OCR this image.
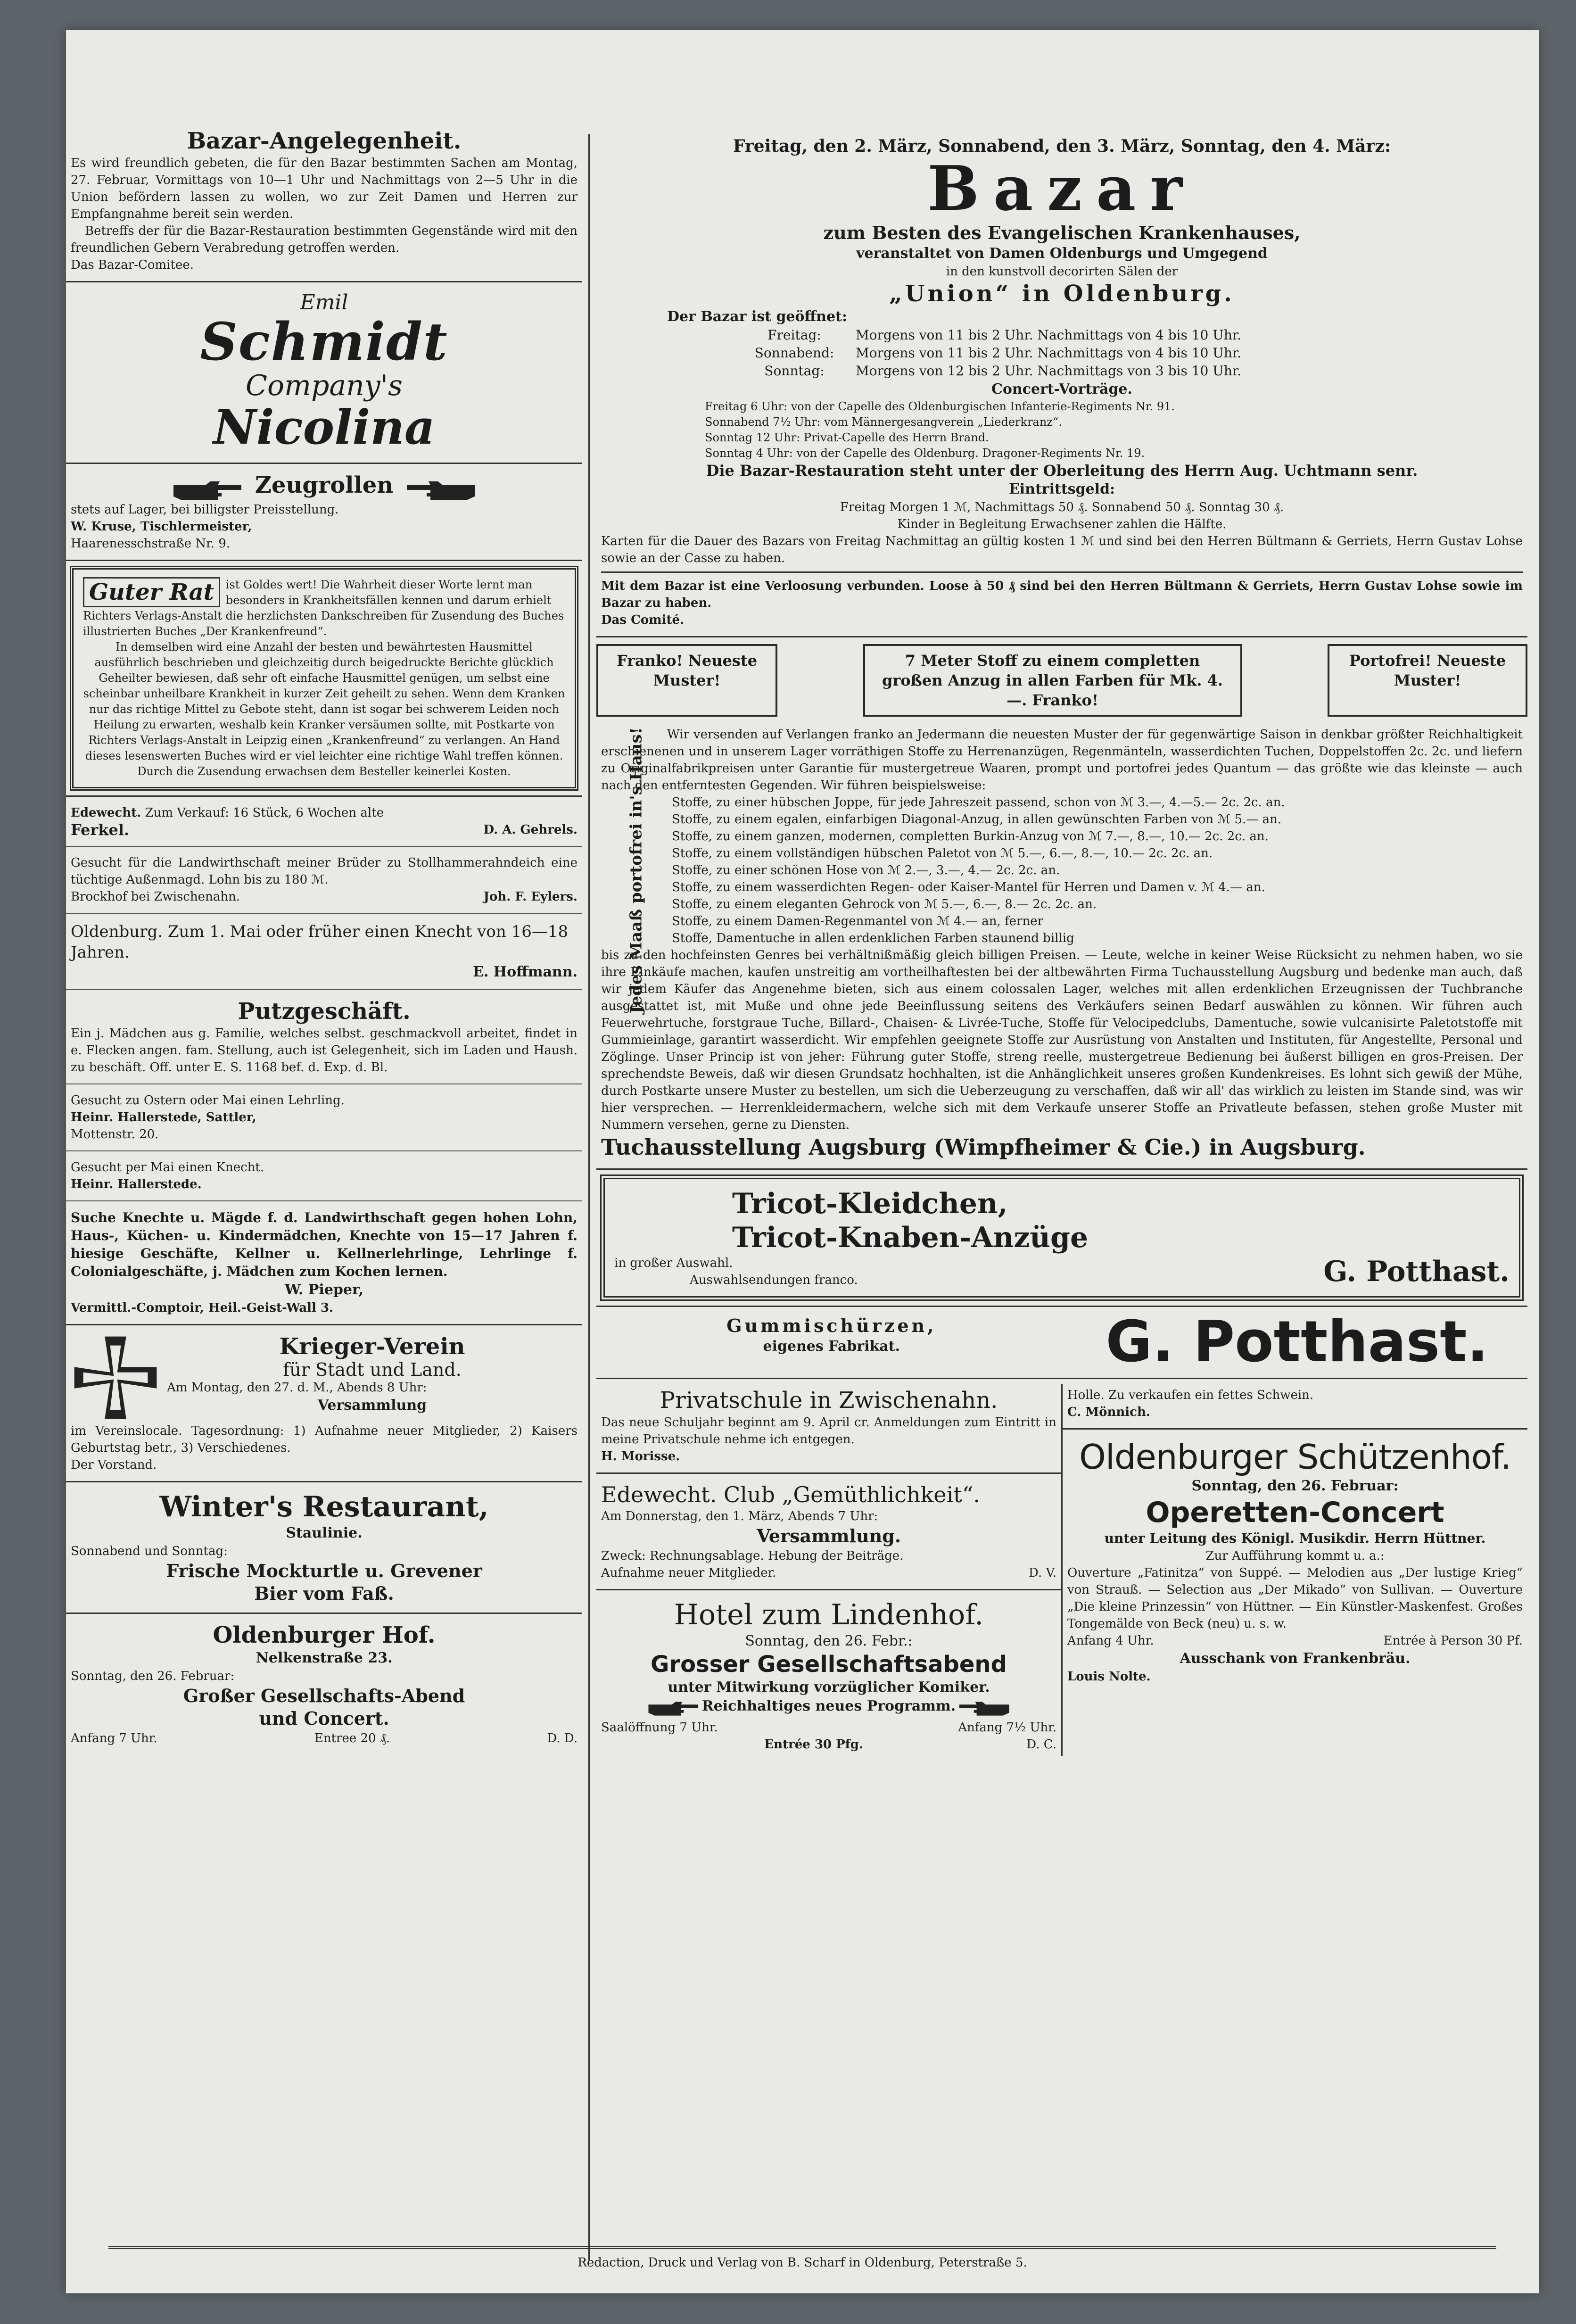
Bazar-Angelegenheit.
Es wird freundlich gebeten, die für den Bazar bestimmten Sachen am Montag, 27. Februar, Vormittags von 10—1 Uhr und Nachmittags von 2—5 Uhr in die Union befördern lassen zu wollen, wo zur Zeit Damen und Herren zur Empfangnahme bereit sein werden.
Betreffs der für die Bazar-Restauration bestimmten Gegenstände wird mit den freundlichen Gebern Verabredung getroffen werden.
Das Bazar-Comitee.
Emil
Schmidt
Company's
Nicolina
Zeugrollen
stets auf Lager, bei billigster Preisstellung.
W. Kruse, Tischlermeister,
Haarenesschstraße Nr. 9.
Guter Rat	ist Goldes wert! Die Wahrheit dieser Worte lernt man besonders in Krankheitsfällen kennen und darum erhielt Richters Verlags-Anstalt die herzlichsten Dankschreiben für Zusendung des Buches illustrierten Buches „Der Krankenfreund“.
In demselben wird eine Anzahl der besten und bewährtesten Hausmittel ausführlich beschrieben und gleichzeitig durch beigedruckte Berichte glücklich Geheilter bewiesen, daß sehr oft einfache Hausmittel genügen, um selbst eine scheinbar unheilbare Krankheit in kurzer Zeit geheilt zu sehen. Wenn dem Kranken nur das richtige Mittel zu Gebote steht, dann ist sogar bei schwerem Leiden noch Heilung zu erwarten, weshalb kein Kranker versäumen sollte, mit Postkarte von Richters Verlags-Anstalt in Leipzig einen „Krankenfreund“ zu verlangen. An Hand dieses lesenswerten Buches wird er viel leichter eine richtige Wahl treffen können. Durch die Zusendung erwachsen dem Besteller keinerlei Kosten.
Edewecht. Zum Verkauf: 16 Stück, 6 Wochen alte
Ferkel.	D. A. Gehrels.
Gesucht für die Landwirthschaft meiner Brüder zu Stollhammerahndeich eine tüchtige Außenmagd. Lohn bis zu 180 ℳ.
Brockhof bei Zwischenahn.	Joh. F. Eylers.
Oldenburg. Zum 1. Mai oder früher einen Knecht von 16—18 Jahren.
E. Hoffmann.
Putzgeschäft.
Ein j. Mädchen aus g. Familie, welches selbst. geschmackvoll arbeitet, findet in e. Flecken angen. fam. Stellung, auch ist Gelegenheit, sich im Laden und Haush. zu beschäft. Off. unter E. S. 1168 bef. d. Exp. d. Bl.
Gesucht zu Ostern oder Mai einen Lehrling.
Heinr. Hallerstede, Sattler,
Mottenstr. 20.
Gesucht per Mai einen Knecht.
Heinr. Hallerstede.
Suche Knechte u. Mägde f. d. Landwirthschaft gegen hohen Lohn, Haus-, Küchen- u. Kindermädchen, Knechte von 15—17 Jahren f. hiesige Geschäfte, Kellner u. Kellnerlehrlinge, Lehrlinge f. Colonialgeschäfte, j. Mädchen zum Kochen lernen.
W. Pieper,
Vermittl.-Comptoir, Heil.-Geist-Wall 3.
Krieger-Verein
für Stadt und Land.
Am Montag, den 27. d. M., Abends 8 Uhr:
Versammlung
im Vereinslocale. Tagesordnung: 1) Aufnahme neuer Mitglieder, 2) Kaisers Geburtstag betr., 3) Verschiedenes.
Der Vorstand.
Winter's Restaurant,
Staulinie.
Sonnabend und Sonntag:
Frische Mockturtle u. Grevener
Bier vom Faß.
Oldenburger Hof.
Nelkenstraße 23.
Sonntag, den 26. Februar:
Großer Gesellschafts-Abend
und Concert.
Anfang 7 Uhr.	Entree 20 ₰.	D. D.
Freitag, den 2. März, Sonnabend, den 3. März, Sonntag, den 4. März:
Bazar
zum Besten des Evangelischen Krankenhauses,
veranstaltet von Damen Oldenburgs und Umgegend
in den kunstvoll decorirten Sälen der
„Union“ in Oldenburg.
Der Bazar ist geöffnet:
Freitag:	Morgens von 11 bis 2 Uhr. Nachmittags von 4 bis 10 Uhr.
Sonnabend:	Morgens von 11 bis 2 Uhr. Nachmittags von 4 bis 10 Uhr.
Sonntag:	Morgens von 12 bis 2 Uhr. Nachmittags von 3 bis 10 Uhr.
Concert-Vorträge.
Freitag 6 Uhr: von der Capelle des Oldenburgischen Infanterie-Regiments Nr. 91.
Sonnabend 7½ Uhr: vom Männergesangverein „Liederkranz“.
Sonntag 12 Uhr: Privat-Capelle des Herrn Brand.
Sonntag 4 Uhr: von der Capelle des Oldenburg. Dragoner-Regiments Nr. 19.
Die Bazar-Restauration steht unter der Oberleitung des Herrn Aug. Uchtmann senr.
Eintrittsgeld:
Freitag Morgen 1 ℳ, Nachmittags 50 ₰. Sonnabend 50 ₰. Sonntag 30 ₰.
Kinder in Begleitung Erwachsener zahlen die Hälfte.
Karten für die Dauer des Bazars von Freitag Nachmittag an gültig kosten 1 ℳ und sind bei den Herren Bültmann & Gerriets, Herrn Gustav Lohse sowie an der Casse zu haben.
Mit dem Bazar ist eine Verloosung verbunden. Loose à 50 ₰ sind bei den Herren Bültmann & Gerriets, Herrn Gustav Lohse sowie im Bazar zu haben.
Das Comité.
Franko! Neueste Muster!
7 Meter Stoff zu einem completten großen Anzug in allen Farben für Mk. 4.—. Franko!
Portofrei! Neueste Muster!
Wir versenden auf Verlangen franko an Jedermann die neuesten Muster der für gegenwärtige Saison in denkbar größter Reichhaltigkeit erschienenen und in unserem Lager vorräthigen Stoffe zu Herrenanzügen, Regenmänteln, wasserdichten Tuchen, Doppelstoffen 2c. 2c. und liefern zu Originalfabrikpreisen unter Garantie für mustergetreue Waaren, prompt und portofrei jedes Quantum — das größte wie das kleinste — auch nach den entferntesten Gegenden. Wir führen beispielsweise:
Jedes Maaß portofrei in's Haus! Stoffe, zu einer hübschen Joppe, für jede Jahreszeit passend, schon von ℳ 3.—, 4.—5.— 2c. 2c. an.
Stoffe, zu einem egalen, einfarbigen Diagonal-Anzug, in allen gewünschten Farben von ℳ 5.— an.
Stoffe, zu einem ganzen, modernen, completten Burkin-Anzug von ℳ 7.—, 8.—, 10.— 2c. 2c. an.
Stoffe, zu einem vollständigen hübschen Paletot von ℳ 5.—, 6.—, 8.—, 10.— 2c. 2c. an.
Stoffe, zu einer schönen Hose von ℳ 2.—, 3.—, 4.— 2c. 2c. an.
Stoffe, zu einem wasserdichten Regen- oder Kaiser-Mantel für Herren und Damen v. ℳ 4.— an.
Stoffe, zu einem eleganten Gehrock von ℳ 5.—, 6.—, 8.— 2c. 2c. an.
Stoffe, zu einem Damen-Regenmantel von ℳ 4.— an, ferner
Stoffe, Damentuche in allen erdenklichen Farben staunend billig
bis zu den hochfeinsten Genres bei verhältnißmäßig gleich billigen Preisen. — Leute, welche in keiner Weise Rücksicht zu nehmen haben, wo sie ihre Einkäufe machen, kaufen unstreitig am vortheilhaftesten bei der altbewährten Firma Tuchausstellung Augsburg und bedenke man auch, daß wir jedem Käufer das Angenehme bieten, sich aus einem colossalen Lager, welches mit allen erdenklichen Erzeugnissen der Tuchbranche ausgestattet ist, mit Muße und ohne jede Beeinflussung seitens des Verkäufers seinen Bedarf auswählen zu können. Wir führen auch Feuerwehrtuche, forstgraue Tuche, Billard-, Chaisen- & Livrée-Tuche, Stoffe für Velocipedclubs, Damentuche, sowie vulcanisirte Paletotstoffe mit Gummieinlage, garantirt wasserdicht. Wir empfehlen geeignete Stoffe zur Ausrüstung von Anstalten und Instituten, für Angestellte, Personal und Zöglinge. Unser Princip ist von jeher: Führung guter Stoffe, streng reelle, mustergetreue Bedienung bei äußerst billigen en gros-Preisen. Der sprechendste Beweis, daß wir diesen Grundsatz hochhalten, ist die Anhänglichkeit unseres großen Kundenkreises. Es lohnt sich gewiß der Mühe, durch Postkarte unsere Muster zu bestellen, um sich die Ueberzeugung zu verschaffen, daß wir all' das wirklich zu leisten im Stande sind, was wir hier versprechen. — Herrenkleidermachern, welche sich mit dem Verkaufe unserer Stoffe an Privatleute befassen, stehen große Muster mit Nummern versehen, gerne zu Diensten.
Tuchausstellung Augsburg (Wimpfheimer & Cie.) in Augsburg.
Tricot-Kleidchen,
Tricot-Knaben-Anzüge
in großer Auswahl.
Auswahlsendungen franco.	G. Potthast.
Gummischürzen,
eigenes Fabrikat.	G. Potthast.
Privatschule in Zwischenahn.
Das neue Schuljahr beginnt am 9. April cr. Anmeldungen zum Eintritt in meine Privatschule nehme ich entgegen.
H. Morisse.
Edewecht. Club „Gemüthlichkeit“.
Am Donnerstag, den 1. März, Abends 7 Uhr:
Versammlung.
Zweck: Rechnungsablage. Hebung der Beiträge.
Aufnahme neuer Mitglieder.	D. V.
Hotel zum Lindenhof.
Sonntag, den 26. Febr.:
Grosser Gesellschaftsabend
unter Mitwirkung vorzüglicher Komiker.
Reichhaltiges neues Programm.
Saalöffnung 7 Uhr.	Anfang 7½ Uhr.
Entrée 30 Pfg.	D. C.
Holle. Zu verkaufen ein fettes Schwein.
C. Mönnich.
Oldenburger Schützenhof.
Sonntag, den 26. Februar:
Operetten-Concert
unter Leitung des Königl. Musikdir. Herrn Hüttner.
Zur Aufführung kommt u. a.:
Ouverture „Fatinitza“ von Suppé. — Melodien aus „Der lustige Krieg“ von Strauß. — Selection aus „Der Mikado“ von Sullivan. — Ouverture „Die kleine Prinzessin“ von Hüttner. — Ein Künstler-Maskenfest. Großes Tongemälde von Beck (neu) u. s. w.
Anfang 4 Uhr.	Entrée à Person 30 Pf.
Ausschank von Frankenbräu.
Louis Nolte.
Redaction, Druck und Verlag von B. Scharf in Oldenburg, Peterstraße 5.
